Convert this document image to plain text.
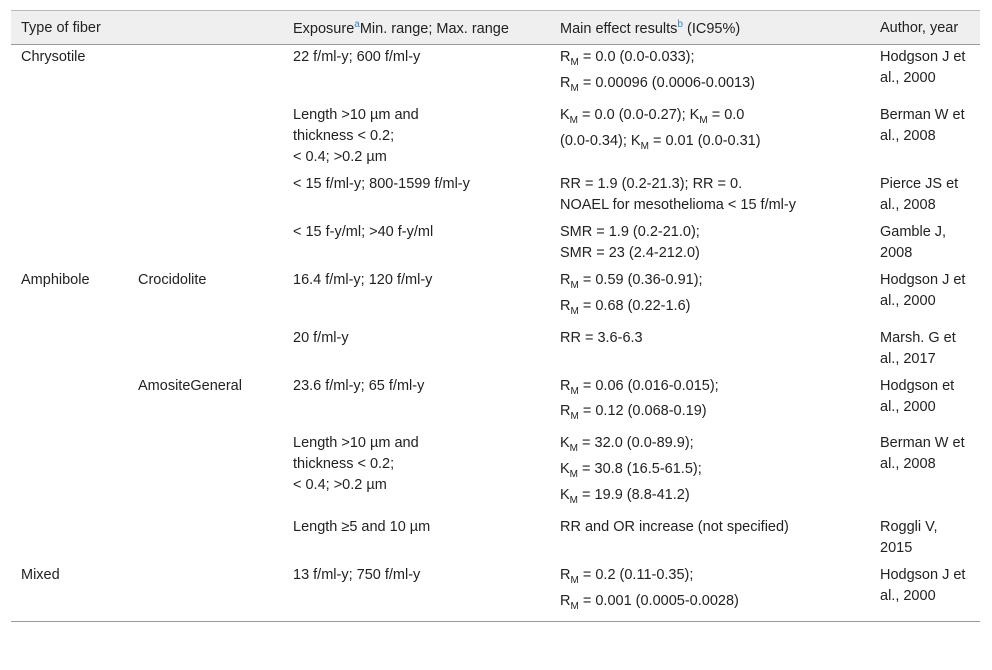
Type of fiber		Exposure$^a$Min. range; Max. range	Main effect results$^b$ (IC95%)	Author, year
Chrysotile		22 f/ml-y; 600 f/ml-y	$R_M = 0.0$ (0.0-0.033);
$R_M = 0.00096$ (0.0006-0.0013)	Hodgson J et al., 2000

		Length >10 µm and
thickness < 0.2;
< 0.4; >0.2 µm	$K_M = 0.0$ (0.0-0.27); $K_M = 0.0$
(0.0-0.34); $K_M = 0.01$ (0.0-0.31)	Berman W et al., 2008

		< 15 f/ml-y; 800-1599 f/ml-y	RR = 1.9 (0.2-21.3); RR = 0.
NOAEL for mesothelioma < 15 f/ml-y	Pierce JS et al., 2008

		< 15 f-y/ml; >40 f-y/ml	SMR = 1.9 (0.2-21.0);
SMR = 23 (2.4-212.0)	Gamble J, 2008
Amphibole	Crocidolite	16.4 f/ml-y; 120 f/ml-y	$R_M = 0.59$ (0.36-0.91);
$R_M = 0.68$ (0.22-1.6)	Hodgson J et al., 2000

		20 f/ml-y	RR = 3.6-6.3	Marsh. G et al., 2017
	AmositeGeneral	23.6 f/ml-y; 65 f/ml-y	$R_M = 0.06$ (0.016-0.015);
$R_M = 0.12$ (0.068-0.19)	Hodgson et al., 2000

		Length >10 µm and
thickness < 0.2;
< 0.4; >0.2 µm	$K_M = 32.0$ (0.0-89.9);
$K_M = 30.8$ (16.5-61.5);
$K_M = 19.9$ (8.8-41.2)	Berman W et al., 2008

		Length ≥5 and 10 µm	RR and OR increase (not specified)	Roggli V, 2015
Mixed		13 f/ml-y; 750 f/ml-y	$R_M = 0.2$ (0.11-0.35);
$R_M = 0.001$ (0.0005-0.0028)	Hodgson J et al., 2000
